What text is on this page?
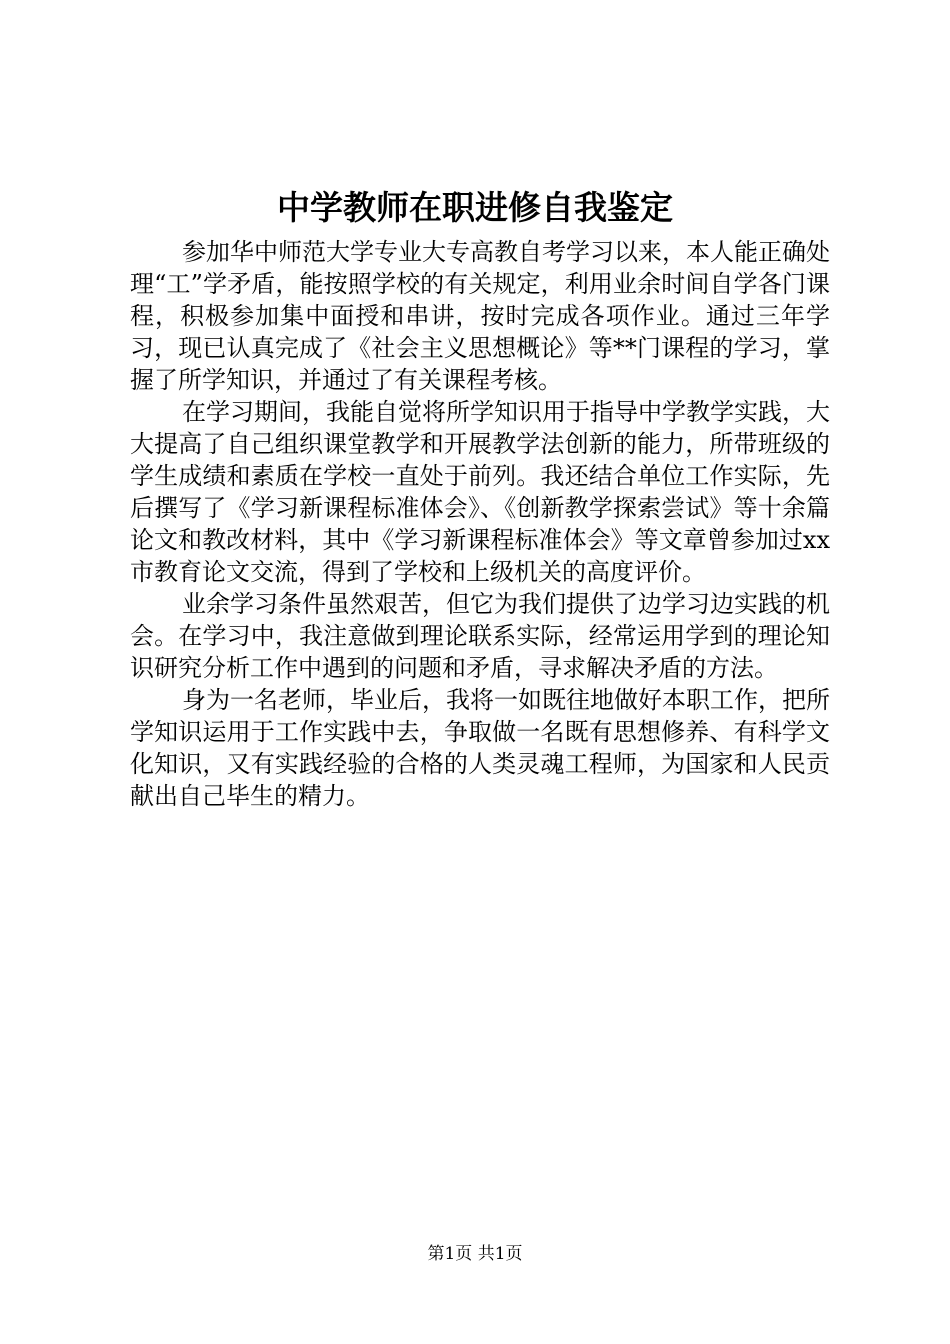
中学教师在职进修自我鉴定

参加华中师范大学专业大专高教自考学习以来，本人能正确处理“工”学矛盾，能按照学校的有关规定，利用业余时间自学各门课程，积极参加集中面授和串讲，按时完成各项作业。通过三年学习，现已认真完成了《社会主义思想概论》等**门课程的学习，掌握了所学知识，并通过了有关课程考核。

在学习期间，我能自觉将所学知识用于指导中学教学实践，大大提高了自己组织课堂教学和开展教学法创新的能力，所带班级的学生成绩和素质在学校一直处于前列。我还结合单位工作实际，先后撰写了《学习新课程标准体会》、《创新教学探索尝试》等十余篇论文和教改材料，其中《学习新课程标准体会》等文章曾参加过xx市教育论文交流，得到了学校和上级机关的高度评价。

业余学习条件虽然艰苦，但它为我们提供了边学习边实践的机会。在学习中，我注意做到理论联系实际，经常运用学到的理论知识研究分析工作中遇到的问题和矛盾，寻求解决矛盾的方法。

身为一名老师，毕业后，我将一如既往地做好本职工作，把所学知识运用于工作实践中去，争取做一名既有思想修养、有科学文化知识，又有实践经验的合格的人类灵魂工程师，为国家和人民贡献出自己毕生的精力。

第1页 共1页
